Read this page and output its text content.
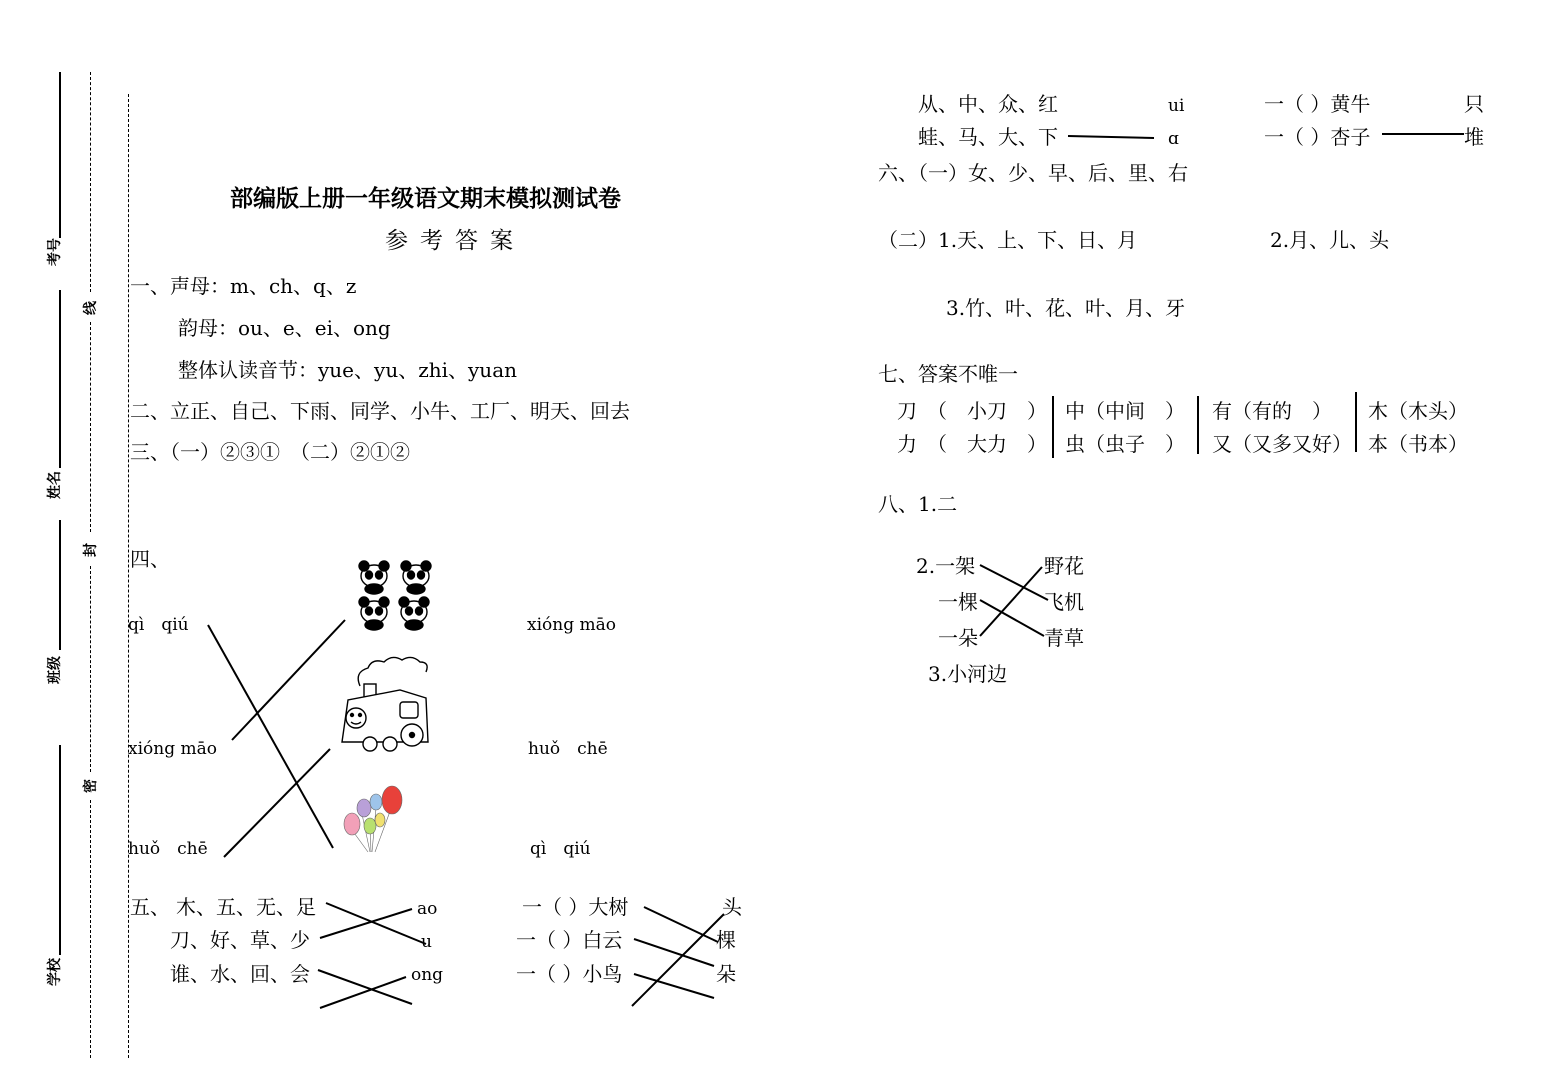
考号
姓名
班级
学校
线
封
密
部编版上册一年级语文期末模拟测试卷
参考答案
一、声母：m、ch、q、z
韵母：ou、e、ei、ong
整体认读音节：yue、yu、zhi、yuan
二、立正、自己、下雨、同学、小牛、工厂、明天、回去
三、（一）②③①　（二）②①②
四、
qì　qiú
xióng māo
huǒ　chē
xióng māo
huǒ　chē
qì　qiú
五、 木、五、无、足
刀、好、草、少
谁、水、回、会
ao
u
ong
一（ ）大树
一（ ）白云
一（ ）小鸟
头
棵
朵
从、中、众、红
蛙、马、大、下
ui
ɑ
一（ ）黄牛
一（ ）杏子
只
堆
六、（一）女、少、早、后、里、右
（二）1.天、上、下、日、月	2.月、儿、头
3.竹、叶、花、叶、月、牙
七、答案不唯一
刀　（　小刀　） 中（中间　） 有（有的　） 木（木头）
力　（　大力　） 虫（虫子　） 又（又多又好） 本（书本）
八、1.二
2.一架
一棵
一朵
野花
飞机
青草
3.小河边
